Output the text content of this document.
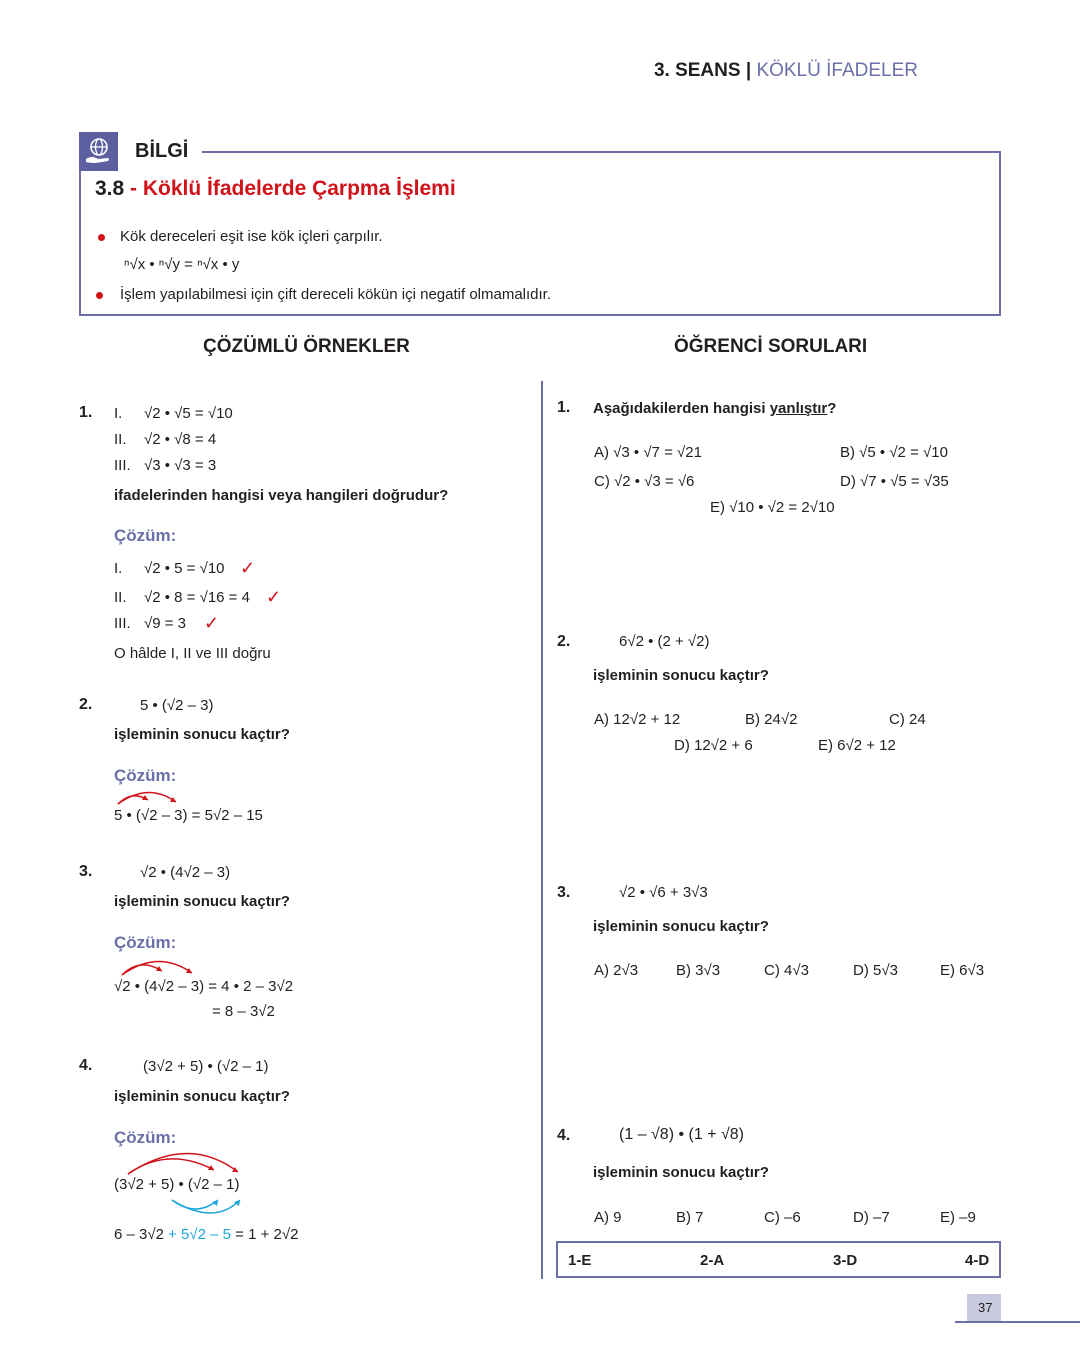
3. SEANS | KÖKLÜ İFADELER
BİLGİ
3.8 - Köklü İfadelerde Çarpma İşlemi
Kök dereceleri eşit ise kök içleri çarpılır.
ⁿ√x • ⁿ√y = ⁿ√x • y
İşlem yapılabilmesi için çift dereceli kökün içi negatif olmamalıdır.
ÇÖZÜMLÜ ÖRNEKLER	ÖĞRENCİ SORULARI
1. I. √2 • √5 = √10
II. √2 • √8 = 4
III. √3 • √3 = 3
ifadelerinden hangisi veya hangileri doğrudur?
Çözüm:
I. √2 • 5 = √10 ✓
II. √2 • 8 = √16 = 4 ✓
III. √9 = 3 ✓
O hâlde I, II ve III doğru
2.	5 • (√2 – 3)
işleminin sonucu kaçtır?
Çözüm:
5 • (√2 – 3) = 5√2 – 15
3.	√2 • (4√2 – 3)
işleminin sonucu kaçtır?
Çözüm:
√2 • (4√2 – 3) = 4 • 2 – 3√2
= 8 – 3√2
4.	(3√2 + 5) • (√2 – 1)
işleminin sonucu kaçtır?
Çözüm:
(3√2 + 5) • (√2 – 1)
6 – 3√2 + 5√2 – 5 = 1 + 2√2
1. Aşağıdakilerden hangisi yanlıştır?
A) √3 • √7 = √21	B) √5 • √2 = √10
C) √2 • √3 = √6	D) √7 • √5 = √35
E) √10 • √2 = 2√10
2.	6√2 • (2 + √2)
işleminin sonucu kaçtır?
A) 12√2 + 12	B) 24√2	C) 24
D) 12√2 + 6	E) 6√2 + 12
3.	√2 • √6 + 3√3
işleminin sonucu kaçtır?
A) 2√3	B) 3√3	C) 4√3	D) 5√3	E) 6√3
4.	(1 – √8) • (1 + √8)
işleminin sonucu kaçtır?
A) 9	B) 7	C) –6	D) –7	E) –9
1-E	2-A	3-D	4-D
37
